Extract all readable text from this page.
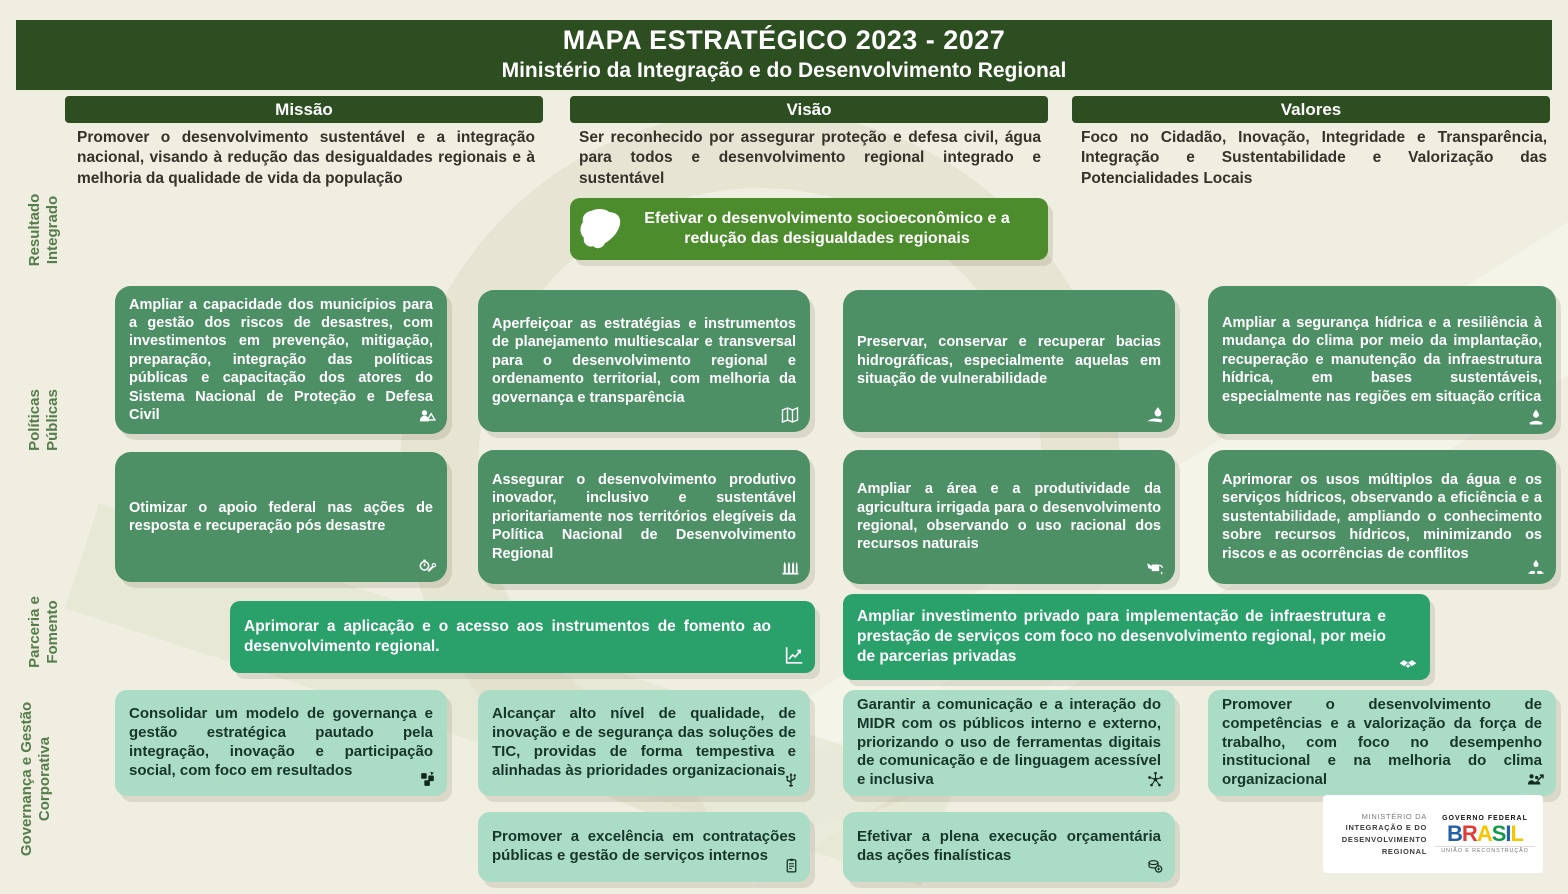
MAPA ESTRATÉGICO 2023 - 2027

Ministério da Integração e do Desenvolvimento Regional

Missão	Visão	Valores

Promover o desenvolvimento sustentável e a integração nacional, visando à redução das desigualdades regionais e à melhoria da qualidade de vida da população

Ser reconhecido por assegurar proteção e defesa civil, água para todos e desenvolvimento regional integrado e sustentável

Foco no Cidadão, Inovação, Integridade e Transparência, Integração e Sustentabilidade e Valorização das Potencialidades Locais

Resultado Integrado
Políticas Públicas
Parceria e Fomento
Governança e Gestão Corporativa

Efetivar o desenvolvimento socioeconômico e a redução das desigualdades regionais

Ampliar a capacidade dos municípios para a gestão dos riscos de desastres, com investimentos em prevenção, mitigação, preparação, integração das políticas públicas e capacitação dos atores do Sistema Nacional de Proteção e Defesa Civil

Aperfeiçoar as estratégias e instrumentos de planejamento multiescalar e transversal para o desenvolvimento regional e ordenamento territorial, com melhoria da governança e transparência

Preservar, conservar e recuperar bacias hidrográficas, especialmente aquelas em situação de vulnerabilidade

Ampliar a segurança hídrica e a resiliência à mudança do clima por meio da implantação, recuperação e manutenção da infraestrutura hídrica, em bases sustentáveis, especialmente nas regiões em situação crítica

Otimizar o apoio federal nas ações de resposta e recuperação pós desastre

Assegurar o desenvolvimento produtivo inovador, inclusivo e sustentável prioritariamente nos territórios elegíveis da Política Nacional de Desenvolvimento Regional

Ampliar a área e a produtividade da agricultura irrigada para o desenvolvimento regional, observando o uso racional dos recursos naturais

Aprimorar os usos múltiplos da água e os serviços hídricos, observando a eficiência e a sustentabilidade, ampliando o conhecimento sobre recursos hídricos, minimizando os riscos e as ocorrências de conflitos

Aprimorar a aplicação e o acesso aos instrumentos de fomento ao desenvolvimento regional.

Ampliar investimento privado para implementação de infraestrutura e prestação de serviços com foco no desenvolvimento regional, por meio de parcerias privadas

Consolidar um modelo de governança e gestão estratégica pautado pela integração, inovação e participação social, com foco em resultados

Alcançar alto nível de qualidade, de inovação e de segurança das soluções de TIC, providas de forma tempestiva e alinhadas às prioridades organizacionais

Garantir a comunicação e a interação do MIDR com os públicos interno e externo, priorizando o uso de ferramentas digitais de comunicação e de linguagem acessível e inclusiva

Promover o desenvolvimento de competências e a valorização da força de trabalho, com foco no desempenho institucional e na melhoria do clima organizacional

Promover a excelência em contratações públicas e gestão de serviços internos

Efetivar a plena execução orçamentária das ações finalísticas

MINISTÉRIO DA
INTEGRAÇÃO E DO
DESENVOLVIMENTO
REGIONAL
GOVERNO FEDERAL
BRASIL
UNIÃO E RECONSTRUÇÃO
